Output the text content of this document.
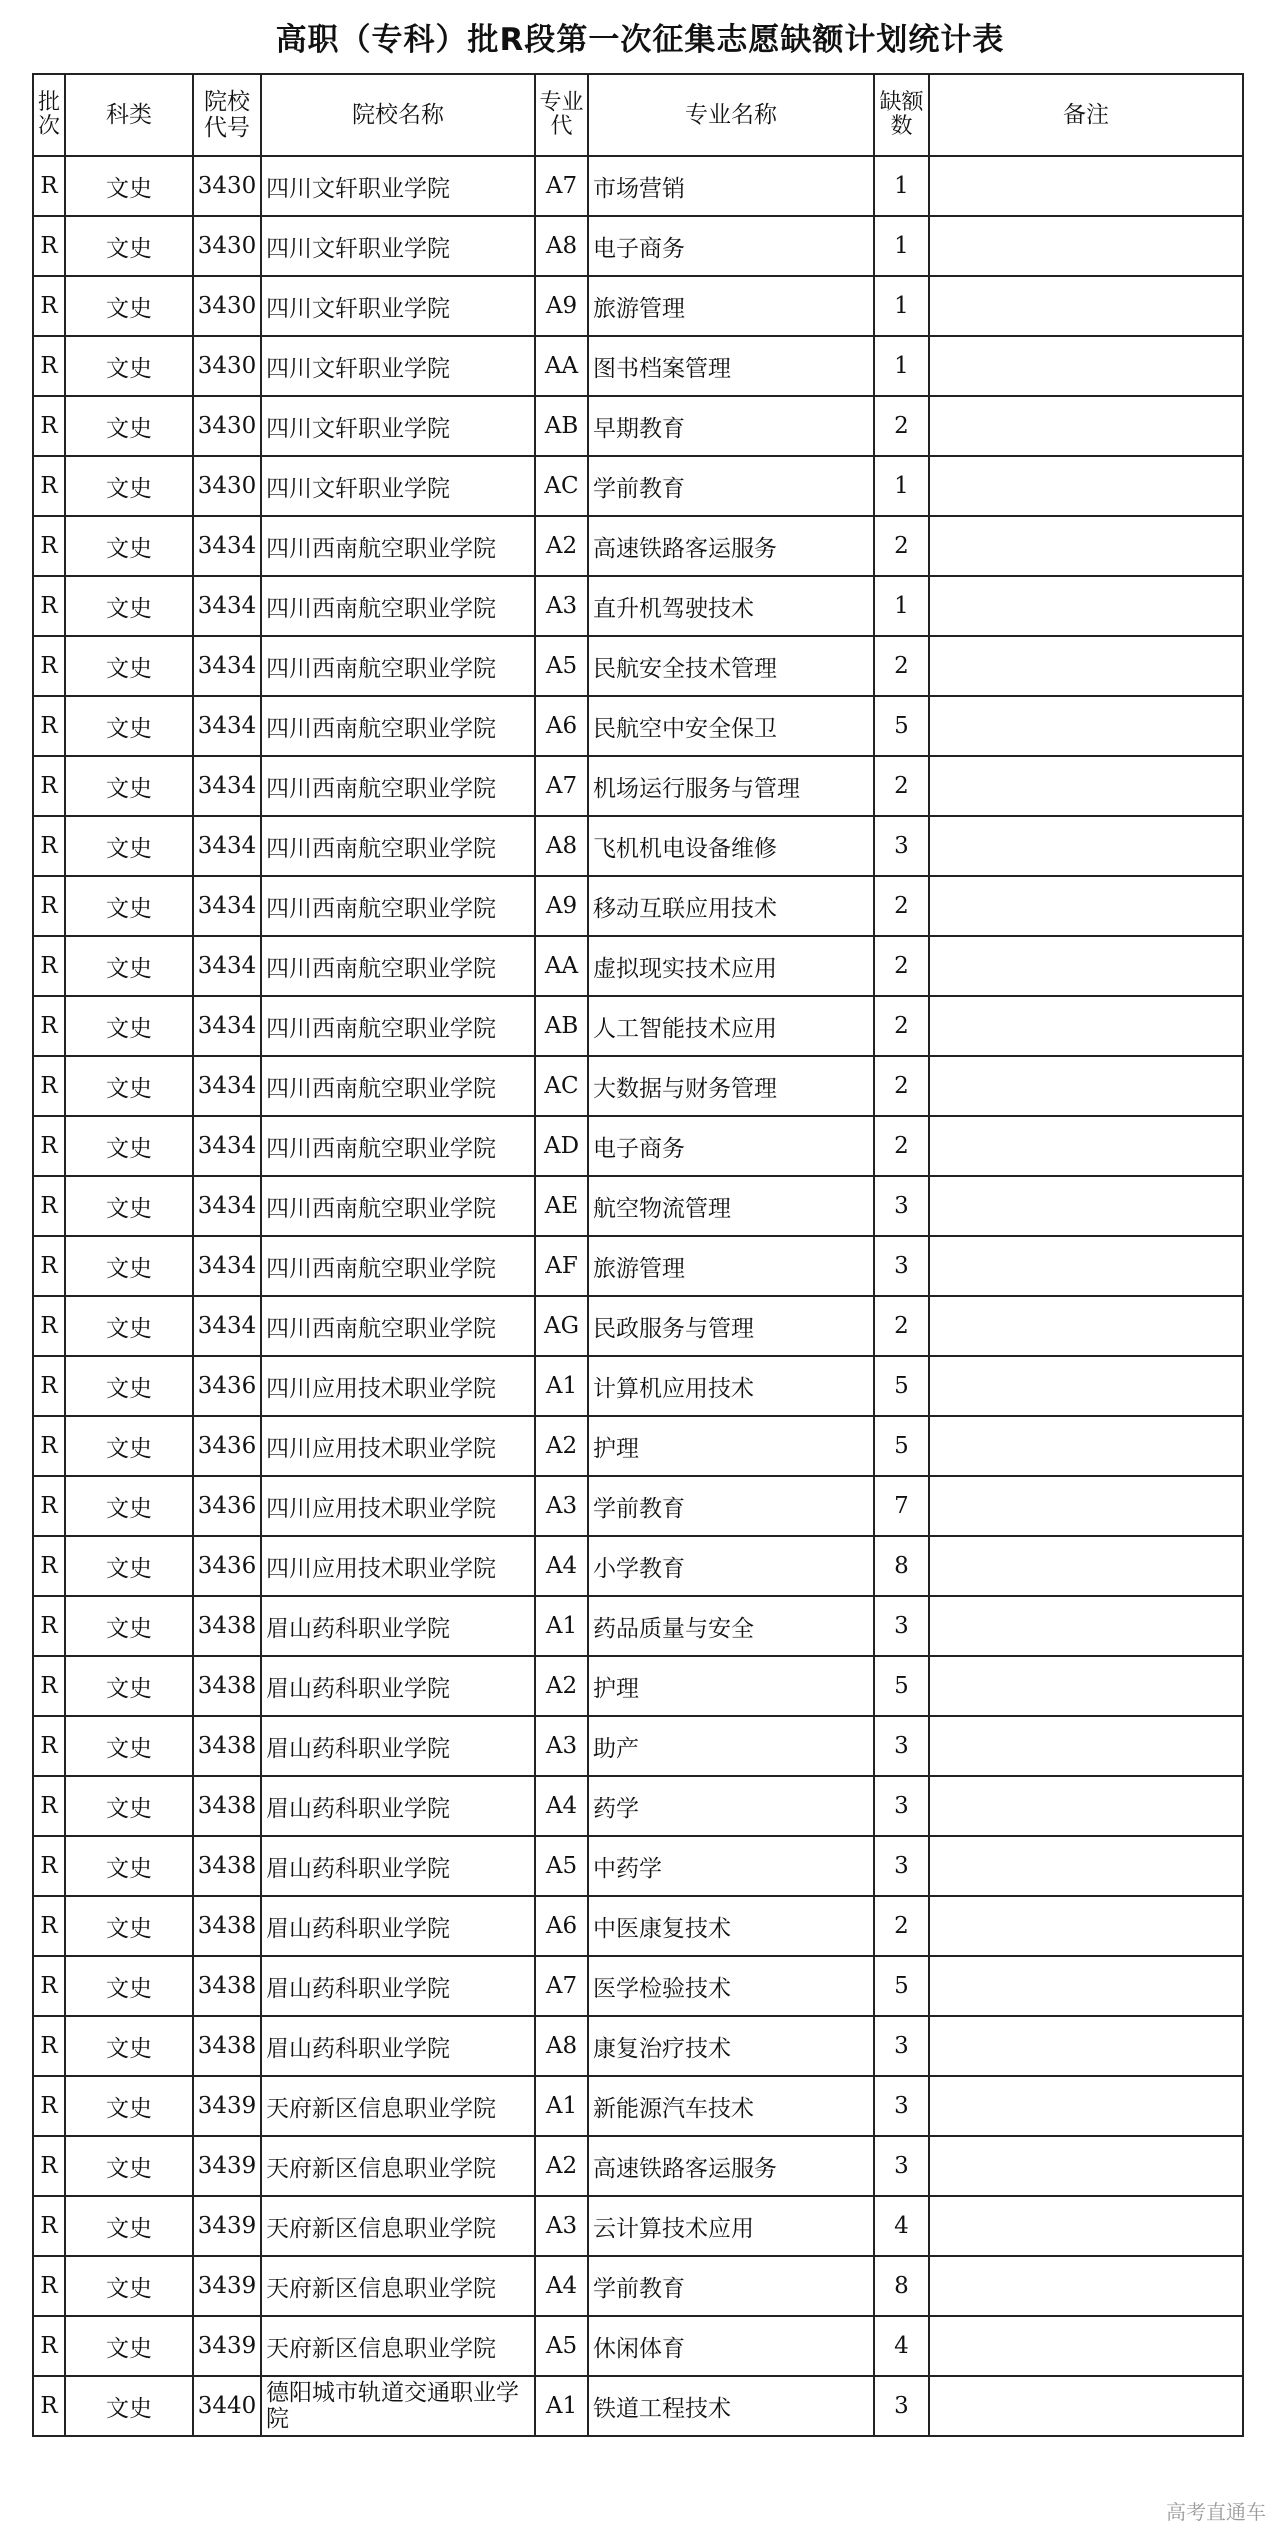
高职（专科）批R段第一次征集志愿缺额计划统计表
批次	科类	院校代号	院校名称	专业代	专业名称	缺额数	备注
R	文史	3430	四川文轩职业学院	A7	市场营销	1	
R	文史	3430	四川文轩职业学院	A8	电子商务	1	
R	文史	3430	四川文轩职业学院	A9	旅游管理	1	
R	文史	3430	四川文轩职业学院	AA	图书档案管理	1	
R	文史	3430	四川文轩职业学院	AB	早期教育	2	
R	文史	3430	四川文轩职业学院	AC	学前教育	1	
R	文史	3434	四川西南航空职业学院	A2	高速铁路客运服务	2	
R	文史	3434	四川西南航空职业学院	A3	直升机驾驶技术	1	
R	文史	3434	四川西南航空职业学院	A5	民航安全技术管理	2	
R	文史	3434	四川西南航空职业学院	A6	民航空中安全保卫	5	
R	文史	3434	四川西南航空职业学院	A7	机场运行服务与管理	2	
R	文史	3434	四川西南航空职业学院	A8	飞机机电设备维修	3	
R	文史	3434	四川西南航空职业学院	A9	移动互联应用技术	2	
R	文史	3434	四川西南航空职业学院	AA	虚拟现实技术应用	2	
R	文史	3434	四川西南航空职业学院	AB	人工智能技术应用	2	
R	文史	3434	四川西南航空职业学院	AC	大数据与财务管理	2	
R	文史	3434	四川西南航空职业学院	AD	电子商务	2	
R	文史	3434	四川西南航空职业学院	AE	航空物流管理	3	
R	文史	3434	四川西南航空职业学院	AF	旅游管理	3	
R	文史	3434	四川西南航空职业学院	AG	民政服务与管理	2	
R	文史	3436	四川应用技术职业学院	A1	计算机应用技术	5	
R	文史	3436	四川应用技术职业学院	A2	护理	5	
R	文史	3436	四川应用技术职业学院	A3	学前教育	7	
R	文史	3436	四川应用技术职业学院	A4	小学教育	8	
R	文史	3438	眉山药科职业学院	A1	药品质量与安全	3	
R	文史	3438	眉山药科职业学院	A2	护理	5	
R	文史	3438	眉山药科职业学院	A3	助产	3	
R	文史	3438	眉山药科职业学院	A4	药学	3	
R	文史	3438	眉山药科职业学院	A5	中药学	3	
R	文史	3438	眉山药科职业学院	A6	中医康复技术	2	
R	文史	3438	眉山药科职业学院	A7	医学检验技术	5	
R	文史	3438	眉山药科职业学院	A8	康复治疗技术	3	
R	文史	3439	天府新区信息职业学院	A1	新能源汽车技术	3	
R	文史	3439	天府新区信息职业学院	A2	高速铁路客运服务	3	
R	文史	3439	天府新区信息职业学院	A3	云计算技术应用	4	
R	文史	3439	天府新区信息职业学院	A4	学前教育	8	
R	文史	3439	天府新区信息职业学院	A5	休闲体育	4	
R	文史	3440	德阳城市轨道交通职业学院	A1	铁道工程技术	3	
高考直通车
